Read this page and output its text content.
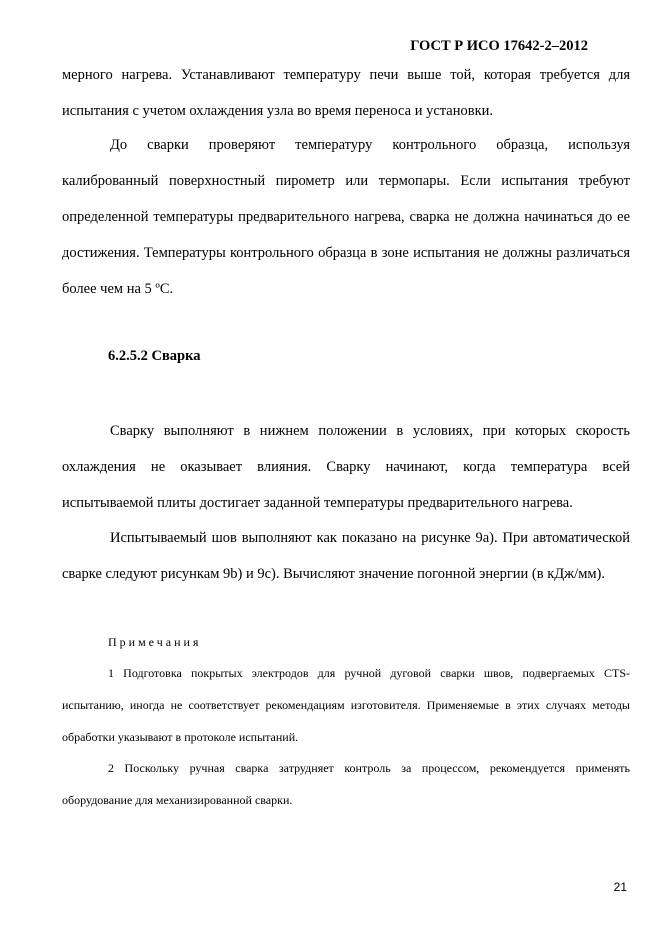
ГОСТ Р ИСО 17642-2–2012

мерного нагрева. Устанавливают температуру печи выше той, которая требуется для испытания с учетом охлаждения узла во время переноса и установки.

До сварки проверяют температуру контрольного образца, используя калиброванный поверхностный пирометр или термопары. Если испытания требуют определенной температуры предварительного нагрева, сварка не должна начинаться до ее достижения. Температуры контрольного образца в зоне испытания не должны различаться более чем на 5 ºС.

6.2.5.2 Сварка

Сварку выполняют в нижнем положении в условиях, при которых скорость охлаждения не оказывает влияния. Сварку начинают, когда температура всей испытываемой плиты достигает заданной температуры предварительного нагрева.

Испытываемый шов выполняют как показано на рисунке 9a). При автоматической сварке следуют рисункам 9b) и 9c). Вычисляют значение погонной энергии (в кДж/мм).

Примечания

1 Подготовка покрытых электродов для ручной дуговой сварки швов, подвергаемых CTS-испытанию, иногда не соответствует рекомендациям изготовителя. Применяемые в этих случаях методы обработки указывают в протоколе испытаний.

2 Поскольку ручная сварка затрудняет контроль за процессом, рекомендуется применять оборудование для механизированной сварки.

21
